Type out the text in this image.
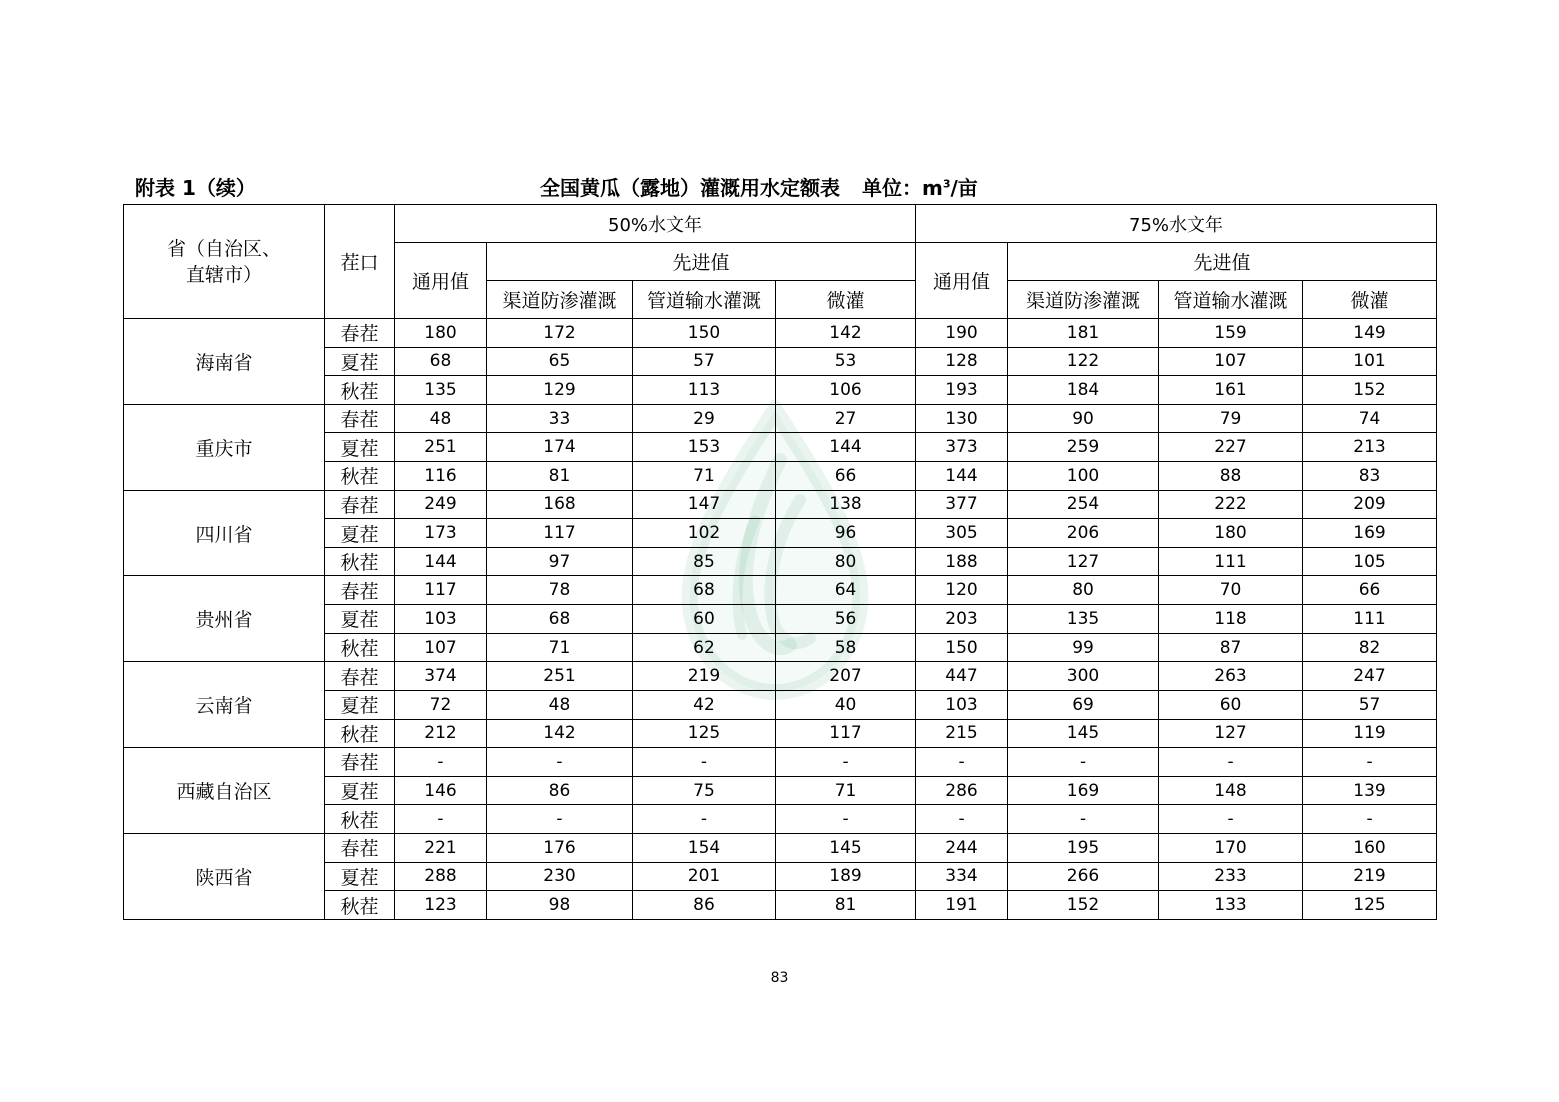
附表 1（续）	全国黄瓜（露地）灌溉用水定额表 单位：$m^3/$亩
省（自治区、直辖市）	茬口	50%水文年				75%水文年			
		通用值	先进值			通用值	先进值		
			渠道防渗灌溉	管道输水灌溉	微灌		渠道防渗灌溉	管道输水灌溉	微灌
海南省	春茬	180	172	150	142	190	181	159	149
	夏茬	68	65	57	53	128	122	107	101
	秋茬	135	129	113	106	193	184	161	152
重庆市	春茬	48	33	29	27	130	90	79	74
	夏茬	251	174	153	144	373	259	227	213
	秋茬	116	81	71	66	144	100	88	83
四川省	春茬	249	168	147	138	377	254	222	209
	夏茬	173	117	102	96	305	206	180	169
	秋茬	144	97	85	80	188	127	111	105
贵州省	春茬	117	78	68	64	120	80	70	66
	夏茬	103	68	60	56	203	135	118	111
	秋茬	107	71	62	58	150	99	87	82
云南省	春茬	374	251	219	207	447	300	263	247
	夏茬	72	48	42	40	103	69	60	57
	秋茬	212	142	125	117	215	145	127	119
西藏自治区	春茬	-	-	-	-	-	-	-	-
	夏茬	146	86	75	71	286	169	148	139
	秋茬	-	-	-	-	-	-	-	-
陕西省	春茬	221	176	154	145	244	195	170	160
	夏茬	288	230	201	189	334	266	233	219
	秋茬	123	98	86	81	191	152	133	125
83
